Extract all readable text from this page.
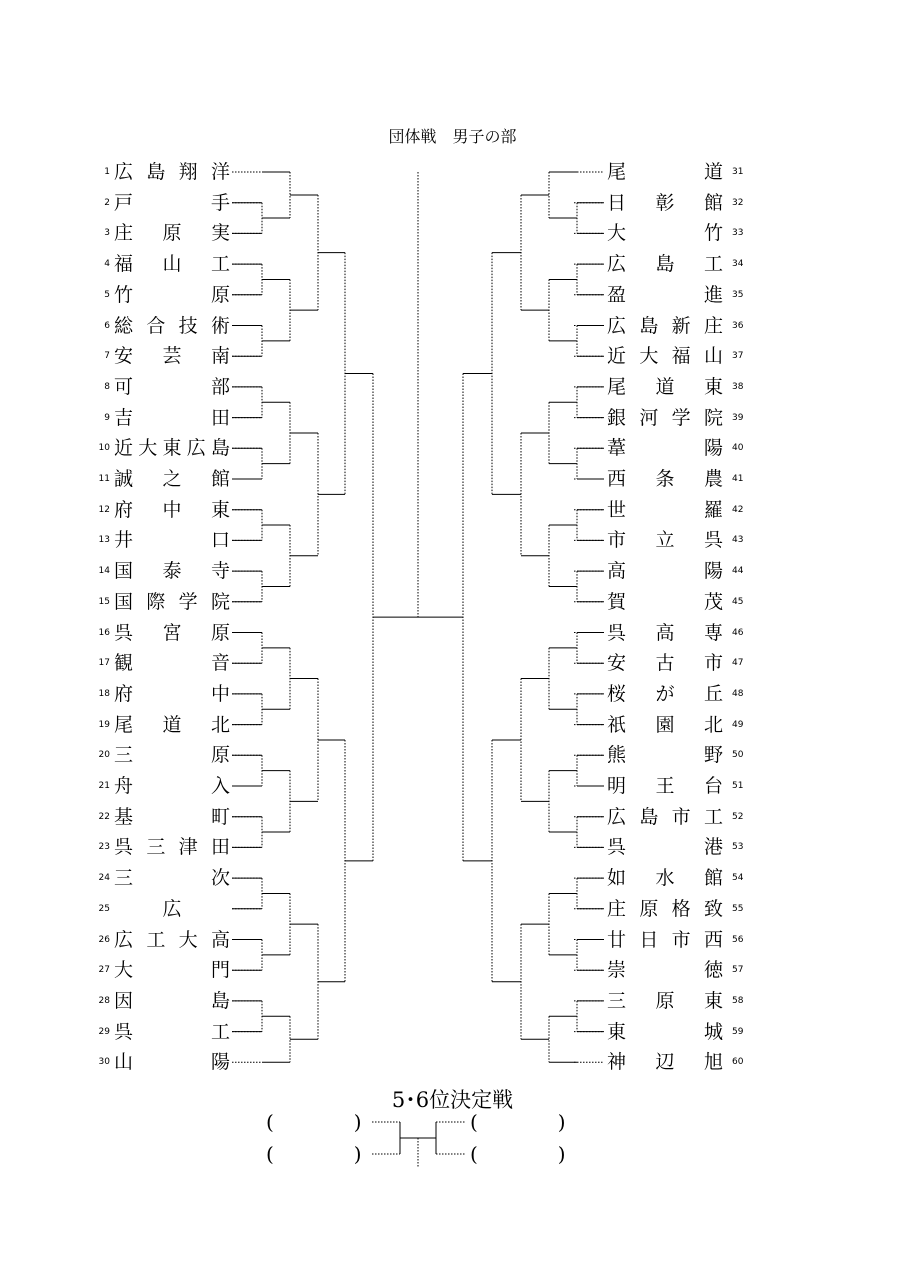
団体戦　男子の部
1 広 島 翔 洋
2 戸

	手
3 庄
原
実
4 福
山
工
5 竹

	原
6 総 合 技 術
7 安
芸
南
8 可

	部
9 吉

	田
10 近 大 東 広 島
11 誠
之
館
12 府
中
東
13 井

	口
14 国
泰
寺
15 国 際 学 院
16 呉
宮
原
17 観

	音
18 府

	中
19 尾
道
北
20 三

	原
21 舟

	入
22 基

	町
23 呉 三 津 田
24 三

	次
25	広
26 広 工 大 高
27 大

	門
28 因

	島
29 呉

	工
30 山

	陽
尾

	道 31
日
彰
館 32
大

	竹 33
広
島
工 34
盈

	進 35
広 島 新 庄 36
近 大 福 山 37
尾
道
東 38
銀 河 学 院 39
葦

	陽 40
西
条
農 41
世

	羅 42
市
立
呉 43
高

	陽 44
賀

	茂 45
呉
高
専 46
安
古
市 47
桜
が
丘 48
祇
園
北 49
熊

	野 50
明
王
台 51
広 島 市 工 52
呉

	港 53
如
水
館 54
庄 原 格 致 55
廿 日 市 西 56
崇

	徳 57
三
原
東 58
東

	城 59
神
辺
旭 60
5･6位決定戦
(　　　　)
(　　　　)
(　　　　)
(　　　　)
